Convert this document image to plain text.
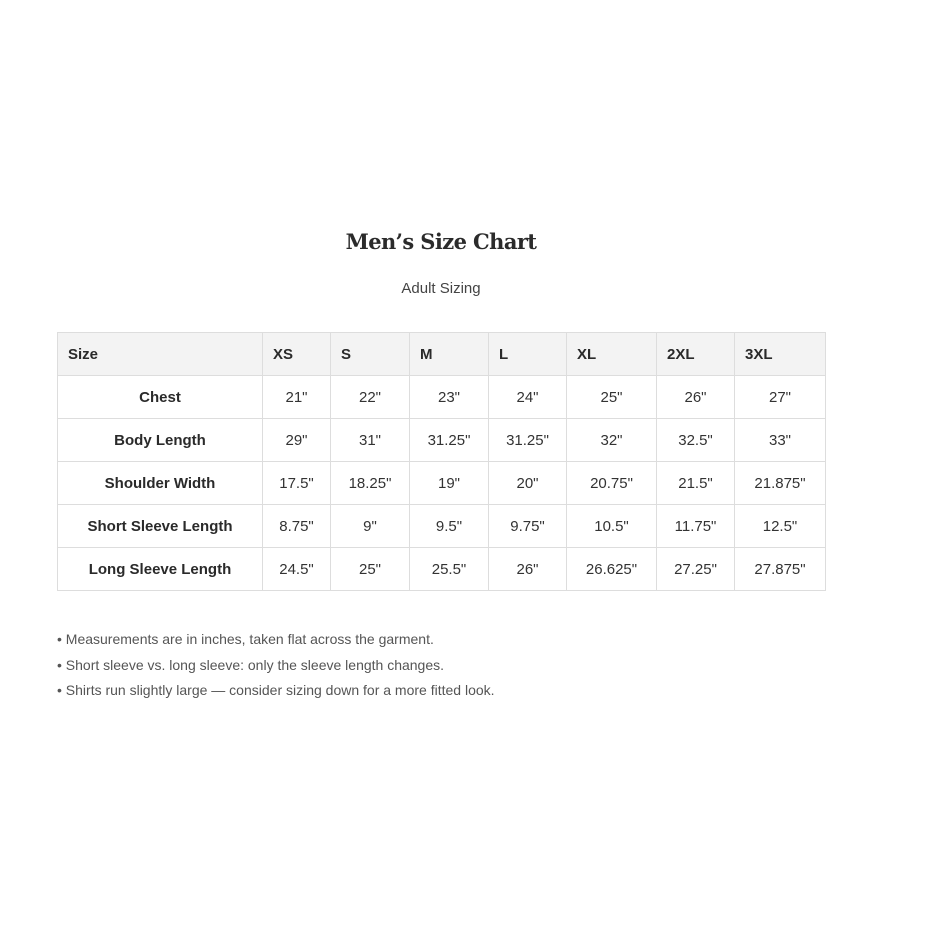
Men’s Size Chart
Adult Sizing
Size	XS	S	M	L	XL	2XL	3XL
Chest	21"	22"	23"	24"	25"	26"	27"
Body Length	29"	31"	31.25"	31.25"	32"	32.5"	33"
Shoulder Width	17.5"	18.25"	19"	20"	20.75"	21.5"	21.875"
Short Sleeve Length	8.75"	9"	9.5"	9.75"	10.5"	11.75"	12.5"
Long Sleeve Length	24.5"	25"	25.5"	26"	26.625"	27.25"	27.875"
• Measurements are in inches, taken flat across the garment.
• Short sleeve vs. long sleeve: only the sleeve length changes.
• Shirts run slightly large — consider sizing down for a more fitted look.
